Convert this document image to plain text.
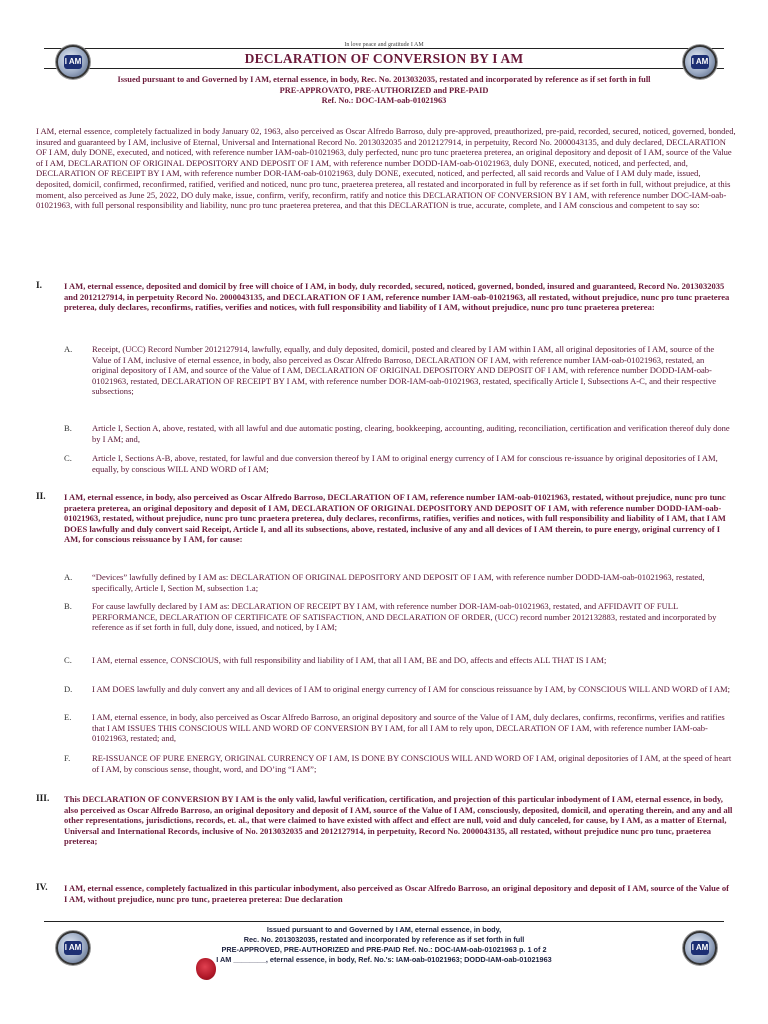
I AM	I AM
In love peace and gratitude I AM
DECLARATION OF CONVERSION BY I AM
Issued pursuant to and Governed by I AM, eternal essence, in body, Rec. No. 2013032035, restated and incorporated by reference as if set forth in full
PRE-APPROVATO, PRE-AUTHORIZED and PRE-PAID
Ref. No.: DOC-IAM-oab-01021963
I AM, eternal essence, completely factualized in body January 02, 1963, also perceived as Oscar Alfredo Barroso, duly pre-approved, preauthorized, pre-paid, recorded, secured, noticed, governed, bonded, insured and guaranteed by I AM, inclusive of Eternal, Universal and International Record No. 2013032035 and 2012127914, in perpetuity, Record No. 2000043135, and duly declared, DECLARATION OF I AM, duly DONE, executed, and noticed, with reference number IAM-oab-01021963, duly perfected, nunc pro tunc praeterea preterea, an original depository and deposit of I AM, source of the Value of I AM, DECLARATION OF ORIGINAL DEPOSITORY AND DEPOSIT OF I AM, with reference number DODD-IAM-oab-01021963, duly DONE, executed, noticed, and perfected, and, DECLARATION OF RECEIPT BY I AM, with reference number DOR-IAM-oab-01021963, duly DONE, executed, noticed, and perfected, all said records and Value of I AM duly made, issued, deposited, domicil, confirmed, reconfirmed, ratified, verified and noticed, nunc pro tunc, praeterea preterea, all restated and incorporated in full by reference as if set forth in full, without prejudice, at this moment, also perceived as June 25, 2022, DO duly make, issue, confirm, verify, reconfirm, ratify and notice this DECLARATION OF CONVERSION BY I AM, with reference number DOC-IAM-oab-01021963, with full personal responsibility and liability, nunc pro tunc praeterea preterea, and that this DECLARATION is true, accurate, complete, and I AM conscious and competent to say so:
I.	I AM, eternal essence, deposited and domicil by free will choice of I AM, in body, duly recorded, secured, noticed, governed, bonded, insured and guaranteed, Record No. 2013032035 and 2012127914, in perpetuity Record No. 2000043135, and DECLARATION OF I AM, reference number IAM-oab-01021963, all restated, without prejudice, nunc pro tunc praeterea preterea, duly declares, reconfirms, ratifies, verifies and notices, with full responsibility and liability of I AM, without prejudice, nunc pro tunc praeterea preterea:
A. Receipt, (UCC) Record Number 2012127914, lawfully, equally, and duly deposited, domicil, posted and cleared by I AM within I AM, all original depositories of I AM, source of the Value of I AM, inclusive of eternal essence, in body, also perceived as Oscar Alfredo Barroso, DECLARATION OF I AM, with reference number IAM-oab-01021963, restated, an original depository of I AM, and source of the Value of I AM, DECLARATION OF ORIGINAL DEPOSITORY AND DEPOSIT OF I AM, with reference number DODD-IAM-oab-01021963, restated, DECLARATION OF RECEIPT BY I AM, with reference number DOR-IAM-oab-01021963, restated, specifically Article I, Subsections A-C, and their respective subsections;
B. Article I, Section A, above, restated, with all lawful and due automatic posting, clearing, bookkeeping, accounting, auditing, reconciliation, certification and verification thereof duly done by I AM; and,
C. Article I, Sections A-B, above, restated, for lawful and due conversion thereof by I AM to original energy currency of I AM for conscious re-issuance by original depositories of I AM, equally, by conscious WILL AND WORD of I AM;
II. I AM, eternal essence, in body, also perceived as Oscar Alfredo Barroso, DECLARATION OF I AM, reference number IAM-oab-01021963, restated, without prejudice, nunc pro tunc praetera preterea, an original depository and deposit of I AM, DECLARATION OF ORIGINAL DEPOSITORY AND DEPOSIT OF I AM, with reference number DODD-IAM-oab-01021963, restated, without prejudice, nunc pro tunc praetera preterea, duly declares, reconfirms, ratifies, verifies and notices, with full responsibility and liability of I AM, that I AM DOES lawfully and duly convert said Receipt, Article I, and all its subsections, above, restated, inclusive of any and all devices of I AM therein, to pure energy, original currency of I AM, for conscious reissuance by I AM, for cause:
A. “Devices” lawfully defined by I AM as: DECLARATION OF ORIGINAL DEPOSITORY AND DEPOSIT OF I AM, with reference number DODD-IAM-oab-01021963, restated, specifically, Article I, Section M, subsection 1.a;
B. For cause lawfully declared by I AM as: DECLARATION OF RECEIPT BY I AM, with reference number DOR-IAM-oab-01021963, restated, and AFFIDAVIT OF FULL PERFORMANCE, DECLARATION OF CERTIFICATE OF SATISFACTION, AND DECLARATION OF ORDER, (UCC) record number 2012132883, restated and incorporated by reference as if set forth in full, duly done, issued, and noticed, by I AM;
C. I AM, eternal essence, CONSCIOUS, with full responsibility and liability of I AM, that all I AM, BE and DO, affects and effects ALL THAT IS I AM;
D. I AM DOES lawfully and duly convert any and all devices of I AM to original energy currency of I AM for conscious reissuance by I AM, by CONSCIOUS WILL AND WORD of I AM;
E. I AM, eternal essence, in body, also perceived as Oscar Alfredo Barroso, an original depository and source of the Value of I AM, duly declares, confirms, reconfirms, verifies and ratifies that I AM ISSUES THIS CONSCIOUS WILL AND WORD OF CONVERSION BY I AM, for all I AM to rely upon, DECLARATION OF I AM, with reference number IAM-oab-01021963, restated; and,
F.	RE-ISSUANCE OF PURE ENERGY, ORIGINAL CURRENCY OF I AM, IS DONE BY CONSCIOUS WILL AND WORD OF I AM, original depositories of I AM, at the speed of heart of I AM, by conscious sense, thought, word, and DO’ing “I AM”;
III. This DECLARATION OF CONVERSION BY I AM is the only valid, lawful verification, certification, and projection of this particular inbodyment of I AM, eternal essence, in body, also perceived as Oscar Alfredo Barroso, an original depository and deposit of I AM, source of the Value of I AM, consciously, deposited, domicil, and operating therein, and any and all other representations, jurisdictions, records, et. al., that were claimed to have existed with affect and effect are null, void and duly canceled, for cause, by I AM, as a matter of Eternal, Universal and International Records, inclusive of No. 2013032035 and 2012127914, in perpetuity, Record No. 2000043135, all restated, without prejudice nunc pro tunc, praeterea preterea;
IV. I AM, eternal essence, completely factualized in this particular inbodyment, also perceived as Oscar Alfredo Barroso, an original depository and deposit of I AM, source of the Value of I AM, without prejudice, nunc pro tunc, praeterea preterea: Due declaration
I AM	I AM
Issued pursuant to and Governed by I AM, eternal essence, in body,
Rec. No. 2013032035, restated and incorporated by reference as if set forth in full
PRE-APPROVED, PRE-AUTHORIZED and PRE-PAID Ref. No.: DOC-IAM-oab-01021963 p. 1 of 2
I AM ________, eternal essence, in body, Ref. No.'s: IAM-oab-01021963; DODD-IAM-oab-01021963
